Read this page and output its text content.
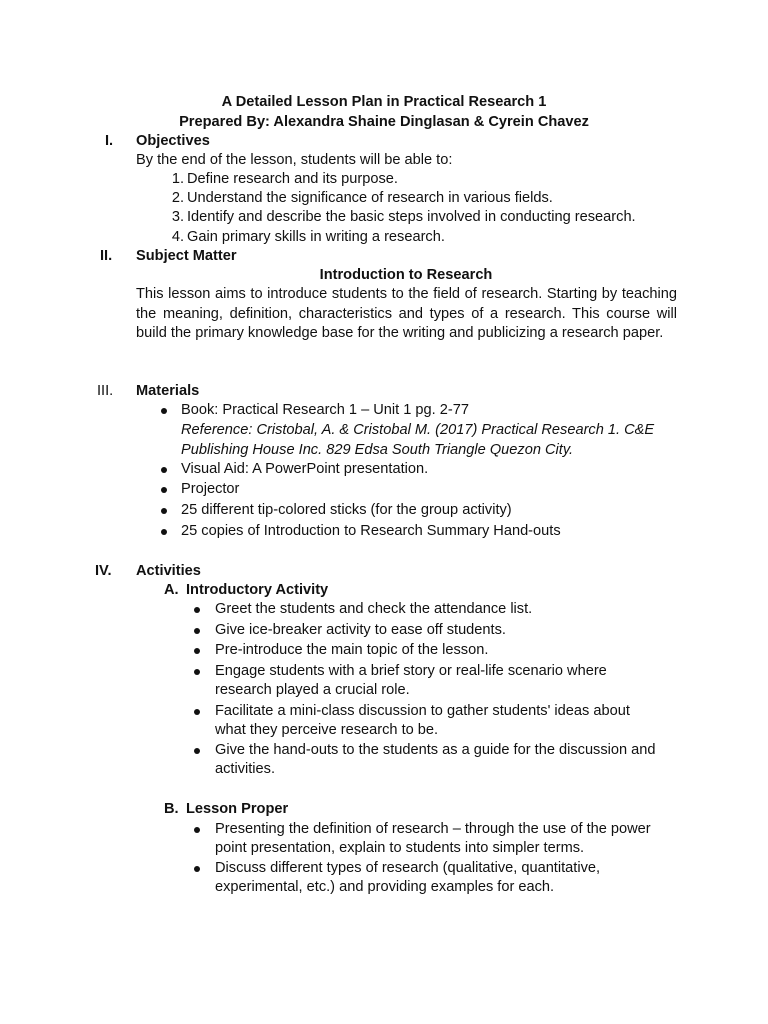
A Detailed Lesson Plan in Practical Research 1
Prepared By: Alexandra Shaine Dinglasan & Cyrein Chavez
I.	Objectives
By the end of the lesson, students will be able to:
1. Define research and its purpose.
2. Understand the significance of research in various fields.
3. Identify and describe the basic steps involved in conducting research.
4. Gain primary skills in writing a research.
II.	Subject Matter
Introduction to Research
This lesson aims to introduce students to the field of research. Starting by teaching the meaning, definition, characteristics and types of a research. This course will build the primary knowledge base for the writing and publicizing a research paper.
III.	Materials
Book: Practical Research 1 – Unit 1 pg. 2-77
Reference: Cristobal, A. & Cristobal M. (2017) Practical Research 1. C&E
Publishing House Inc. 829 Edsa South Triangle Quezon City.
Visual Aid: A PowerPoint presentation.
Projector
25 different tip-colored sticks (for the group activity)
25 copies of Introduction to Research Summary Hand-outs
IV.	Activities
A. Introductory Activity
Greet the students and check the attendance list.
Give ice-breaker activity to ease off students.
Pre-introduce the main topic of the lesson.
Engage students with a brief story or real-life scenario where
research played a crucial role.
Facilitate a mini-class discussion to gather students' ideas about
what they perceive research to be.
Give the hand-outs to the students as a guide for the discussion and
activities.
B. Lesson Proper
Presenting the definition of research – through the use of the power
point presentation, explain to students into simpler terms.
Discuss different types of research (qualitative, quantitative,
experimental, etc.) and providing examples for each.
